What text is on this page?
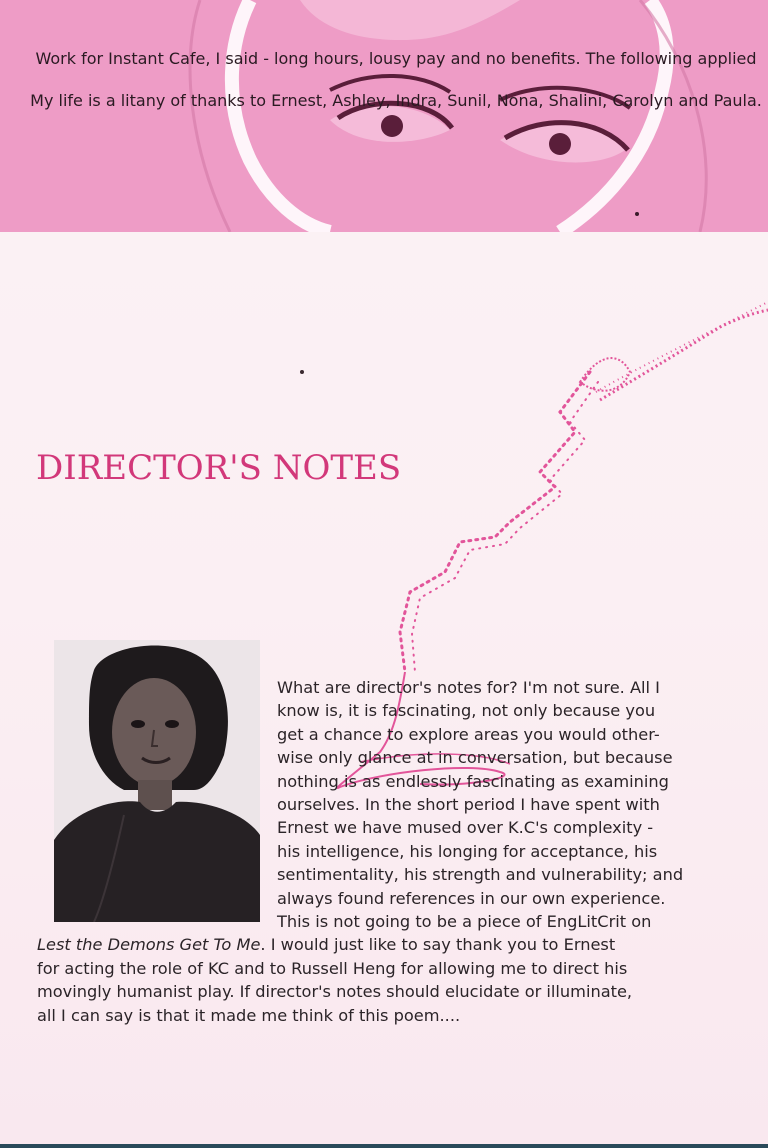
Work for Instant Cafe, I said - long hours, lousy pay and no benefits. The following applied

My life is a litany of thanks to Ernest, Ashley, Indra, Sunil, Nona, Shalini, Carolyn and Paula.

DIRECTOR'S NOTES
What are director's notes for? I'm not sure. All I
know is, it is fascinating, not only because you
get a chance to explore areas you would other-
wise only glance at in conversation, but because
nothing is as endlessly fascinating as examining
ourselves. In the short period I have spent with
Ernest we have mused over K.C's complexity -
his intelligence, his longing for acceptance, his
sentimentality, his strength and vulnerability; and
always found references in our own experience.
This is not going to be a piece of EngLitCrit on
Lest the Demons Get To Me. I would just like to say thank you to Ernest
for acting the role of KC and to Russell Heng for allowing me to direct his
movingly humanist play. If director's notes should elucidate or illuminate,
all I can say is that it made me think of this poem....
